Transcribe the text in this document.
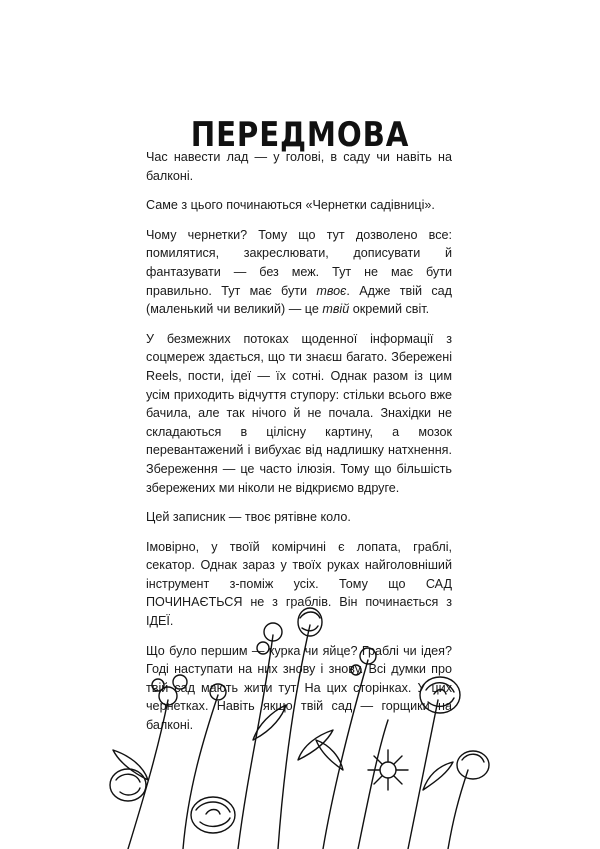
ПЕРЕДМОВА

Час навести лад — у голові, в саду чи навіть на балконі.

Саме з цього починаються «Чернетки садівниці».

Чому чернетки? Тому що тут дозволено все: помилятися, закреслювати, дописувати й фантазувати — без меж. Тут не має бути правильно. Тут має бути твоє. Адже твій сад (маленький чи великий) — це твій окремий світ.

У безмежних потоках щоденної інформації з соцмереж здається, що ти знаєш багато. Збережені Reels, пости, ідеї — їх сотні. Однак разом із цим усім приходить відчуття ступору: стільки всього вже бачила, але так нічого й не почала. Знахідки не складаються в цілісну картину, а мозок перевантажений і вибухає від надлишку натхнення. Збереження — це часто ілюзія. Тому що більшість збережених ми ніколи не відкриємо вдруге.

Цей записник — твоє рятівне коло.

Імовірно, у твоїй комірчині є лопата, граблі, секатор. Однак зараз у твоїх руках найголовніший інструмент з-поміж усіх. Тому що САД ПОЧИНАЄТЬСЯ не з граблів. Він починається з ІДЕЇ.

Що було першим — курка чи яйце? Граблі чи ідея? Годі наступати на них знову і знову. Всі думки про твій сад мають жити тут. На цих сторінках. У цих чернетках. Навіть якщо твій сад — горщики на балконі.
